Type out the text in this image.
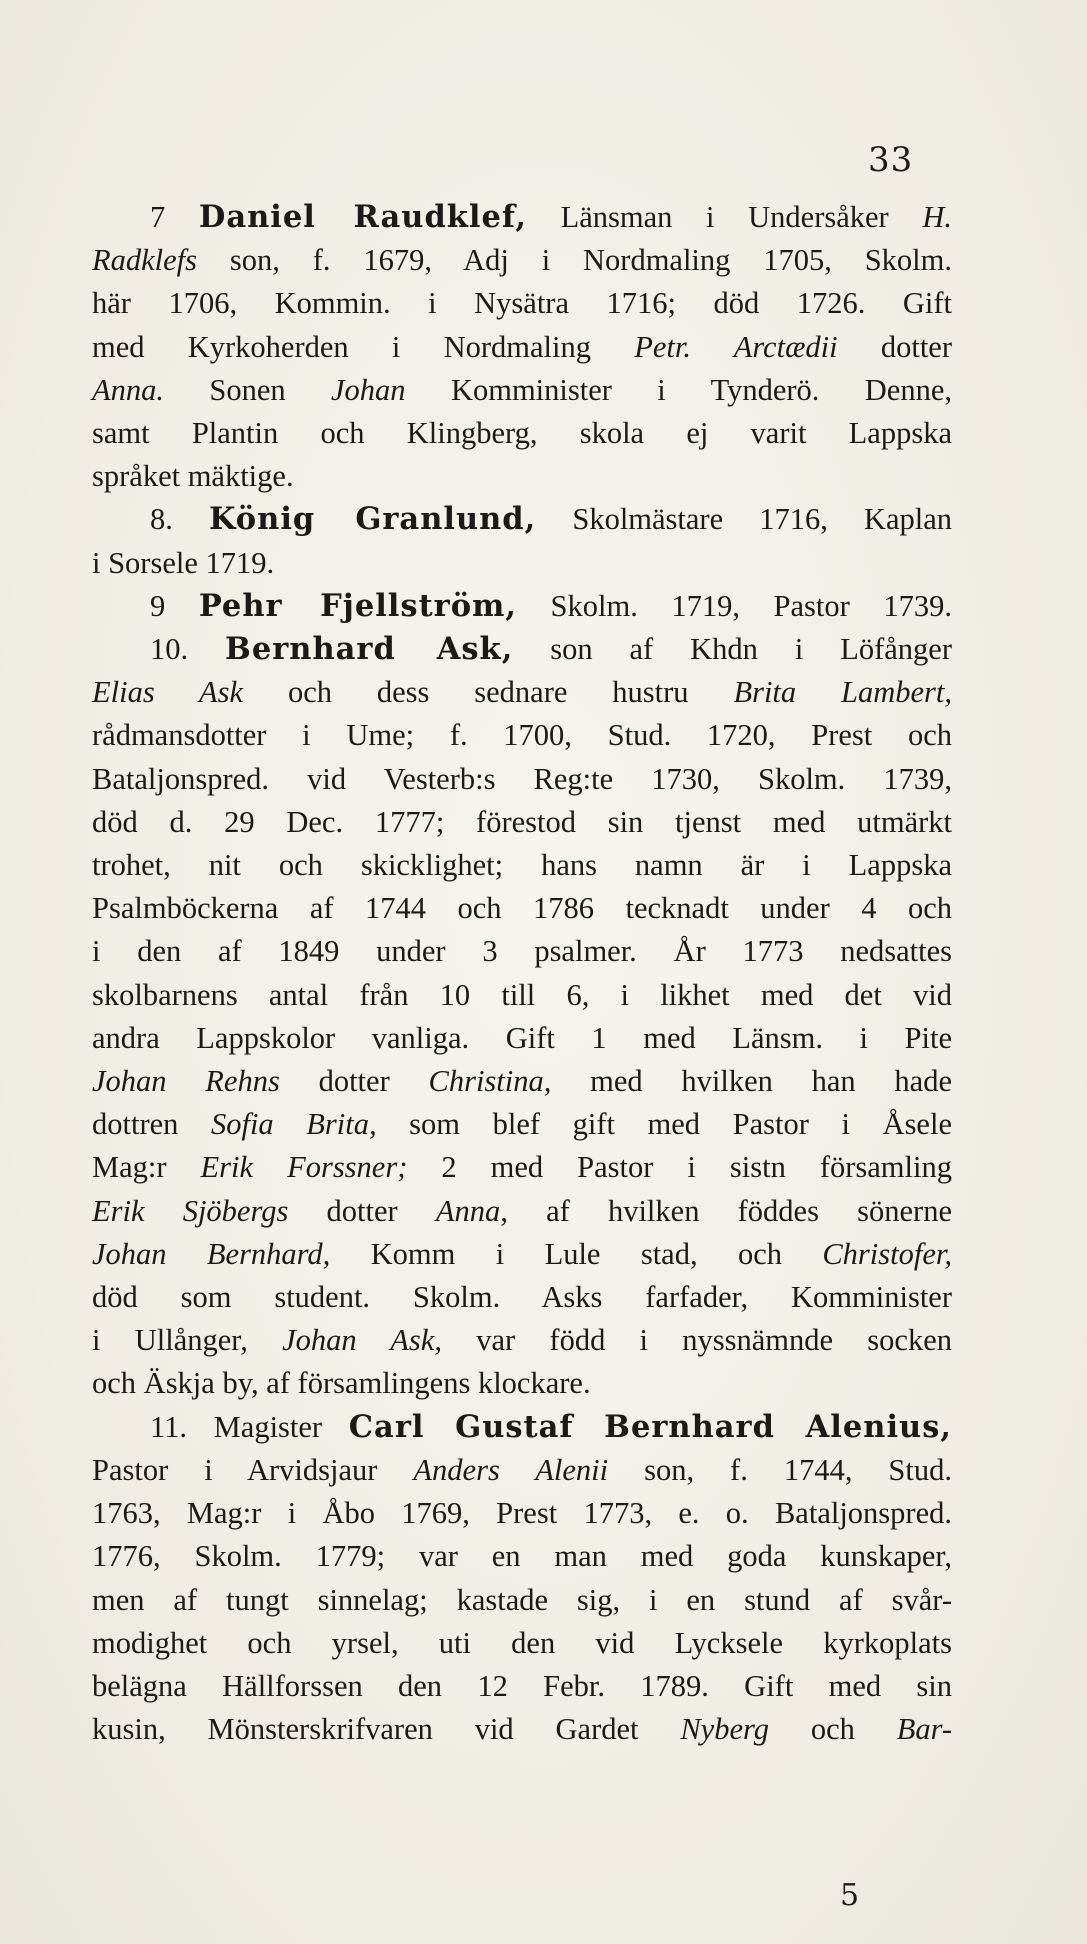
33
7 Daniel Raudklef, Länsman i Undersåker H.
Radklefs son, f. 1679, Adj i Nordmaling 1705, Skolm.
här 1706, Kommin. i Nysätra 1716; död 1726. Gift
med Kyrkoherden i Nordmaling Petr. Arctædii dotter
Anna. Sonen Johan Komminister i Tynderö. Denne,
samt Plantin och Klingberg, skola ej varit Lappska
språket mäktige.
8. König Granlund, Skolmästare 1716, Kaplan
i Sorsele 1719.
9 Pehr Fjellström, Skolm. 1719, Pastor 1739.
10. Bernhard Ask, son af Khdn i Löfånger
Elias Ask och dess sednare hustru Brita Lambert,
rådmansdotter i Ume; f. 1700, Stud. 1720, Prest och
Bataljonspred. vid Vesterb:s Reg:te 1730, Skolm. 1739,
död d. 29 Dec. 1777; förestod sin tjenst med utmärkt
trohet, nit och skicklighet; hans namn är i Lappska
Psalmböckerna af 1744 och 1786 tecknadt under 4 och
i den af 1849 under 3 psalmer. År 1773 nedsattes
skolbarnens antal från 10 till 6, i likhet med det vid
andra Lappskolor vanliga. Gift 1 med Länsm. i Pite
Johan Rehns dotter Christina, med hvilken han hade
dottren Sofia Brita, som blef gift med Pastor i Åsele
Mag:r Erik Forssner; 2 med Pastor i sistn församling
Erik Sjöbergs dotter Anna, af hvilken föddes sönerne
Johan Bernhard, Komm i Lule stad, och Christofer,
död som student. Skolm. Asks farfader, Komminister
i Ullånger, Johan Ask, var född i nyssnämnde socken
och Äskja by, af församlingens klockare.
11. Magister Carl Gustaf Bernhard Alenius,
Pastor i Arvidsjaur Anders Alenii son, f. 1744, Stud.
1763, Mag:r i Åbo 1769, Prest 1773, e. o. Bataljonspred.
1776, Skolm. 1779; var en man med goda kunskaper,
men af tungt sinnelag; kastade sig, i en stund af svår-
modighet och yrsel, uti den vid Lycksele kyrkoplats
belägna Hällforssen den 12 Febr. 1789. Gift med sin
kusin, Mönsterskrifvaren vid Gardet Nyberg och Bar-
5
